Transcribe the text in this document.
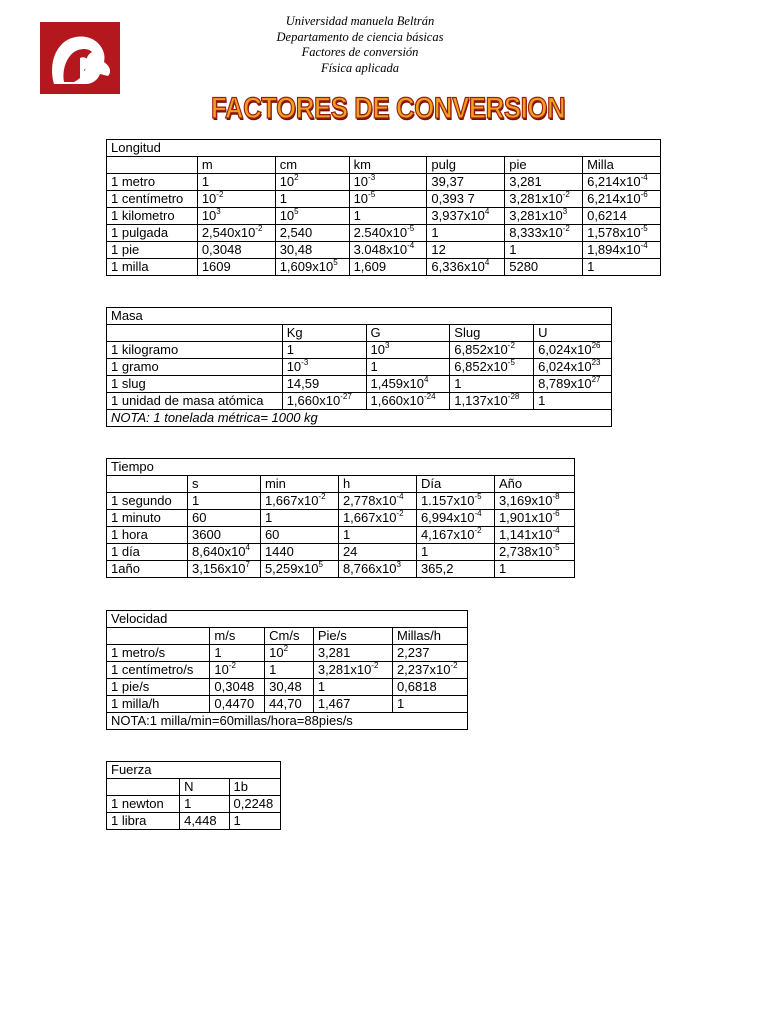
Universidad manuela Beltrán
Departamento de ciencia básicas
Factores de conversión
Física aplicada
FACTORES DE CONVERSION
Longitud						
	m	cm	km	pulg	pie	Milla
1 metro	1	$10^2$	$10^{-3}$	39,37	3,281	$6,214x10^{-4}$
1 centímetro	$10^{-2}$	1	$10^{-5}$	0,393 7	$3,281x10^{-2}$	$6,214x10^{-6}$
1 kilometro	$10^3$	$10^5$	1	$3,937x10^4$	$3,281x10^3$	0,6214
1 pulgada	$2,540x10^{-2}$	2,540	$2.540x10^{-5}$	1	$8,333x10^{-2}$	$1,578x10^{-5}$
1 pie	0,3048	30,48	$3.048x10^{-4}$	12	1	$1,894x10^{-4}$
1 milla	1609	$1,609x10^5$	1,609	$6,336x10^4$	5280	1
Masa				
	Kg	G	Slug	U
1 kilogramo	1	$10^3$	$6,852x10^{-2}$	$6,024x10^{26}$
1 gramo	$10^{-3}$	1	$6,852x10^{-5}$	$6,024x10^{23}$
1 slug	14,59	$1,459x10^4$	1	$8,789x10^{27}$
1 unidad de masa atómica	$1,660x10^{-27}$	$1,660x10^{-24}$	$1,137x10^{-28}$	1
NOTA: 1 tonelada métrica= 1000 kg				
Tiempo					
	s	min	h	Día	Año
1 segundo	1	$1,667x10^{-2}$	$2,778x10^{-4}$	$1.157x10^{-5}$	$3,169x10^{-8}$
1 minuto	60	1	$1,667x10^{-2}$	$6,994x10^{-4}$	$1,901x10^{-6}$
1 hora	3600	60	1	$4,167x10^{-2}$	$1,141x10^{-4}$
1 día	$8,640x10^4$	1440	24	1	$2,738x10^{-5}$
1año	$3,156x10^7$	$5,259x10^5$	$8,766x10^3$	365,2	1
Velocidad				
	m/s	Cm/s	Pie/s	Millas/h
1 metro/s	1	$10^2$	3,281	2,237
1 centímetro/s	$10^{-2}$	1	$3,281x10^{-2}$	$2,237x10^{-2}$
1 pie/s	0,3048	30,48	1	0,6818
1 milla/h	0,4470	44,70	1,467	1
NOTA:1 milla/min=60millas/hora=88pies/s				
Fuerza		
	N	1b
1 newton	1	0,2248
1 libra	4,448	1
